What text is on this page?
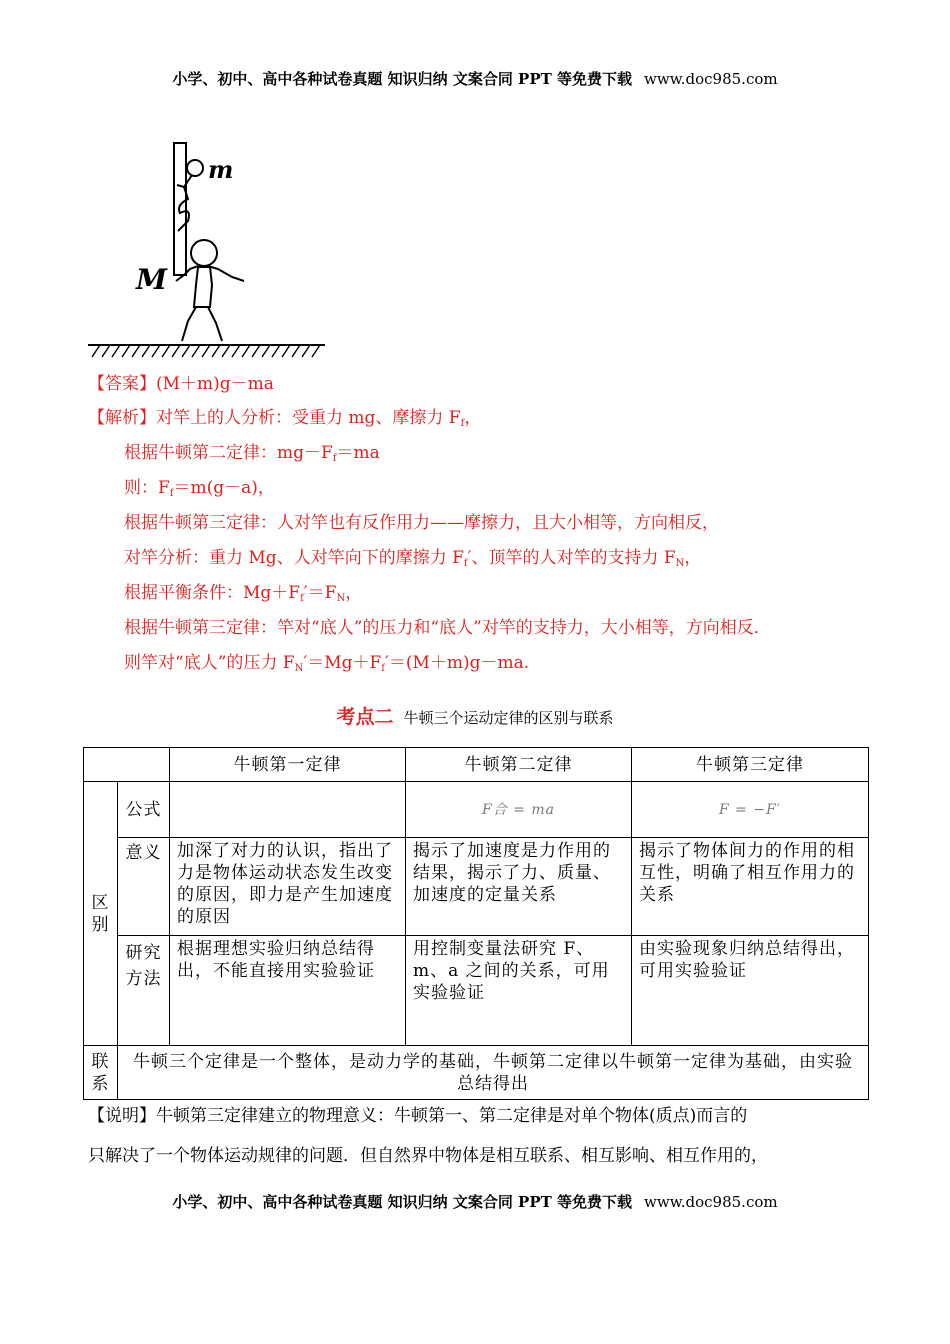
小学、初中、高中各种试卷真题 知识归纳 文案合同 PPT 等免费下载 www.doc985.com
m
M
【答案】(M＋m)g－ma
【解析】对竿上的人分析：受重力 mg、摩擦力 $F_f$，
根据牛顿第二定律：$mg-F_f=ma$
则：$F_f=m(g-a)$，
根据牛顿第三定律：人对竿也有反作用力——摩擦力，且大小相等，方向相反，
对竿分析：重力 Mg、人对竿向下的摩擦力 $F_f'$、顶竿的人对竿的支持力 $F_N$，
根据平衡条件：$Mg+F_f'=F_N$，
根据牛顿第三定律：竿对“底人”的压力和“底人”对竿的支持力，大小相等，方向相反．
则竿对“底人”的压力 $F_N'=Mg+F_f'=(M+m)g-ma$.
考点二 牛顿三个运动定律的区别与联系
		牛顿第一定律	牛顿第二定律	牛顿第三定律
区别	公式		F合 = ma	F = −F′
	意义	加深了对力的认识，指出了力是物体运动状态发生改变的原因，即力是产生加速度的原因	揭示了加速度是力作用的结果，揭示了力、质量、加速度的定量关系	揭示了物体间力的作用的相互性，明确了相互作用力的关系
	研究方法	根据理想实验归纳总结得出，不能直接用实验验证	用控制变量法研究 F、m、a 之间的关系，可用实验验证	由实验现象归纳总结得出，可用实验验证
联系	牛顿三个定律是一个整体，是动力学的基础，牛顿第二定律以牛顿第一定律为基础，由实验总结得出			
【说明】牛顿第三定律建立的物理意义：牛顿第一、第二定律是对单个物体(质点)而言的
只解决了一个物体运动规律的问题．但自然界中物体是相互联系、相互影响、相互作用的，
小学、初中、高中各种试卷真题 知识归纳 文案合同 PPT 等免费下载 www.doc985.com
